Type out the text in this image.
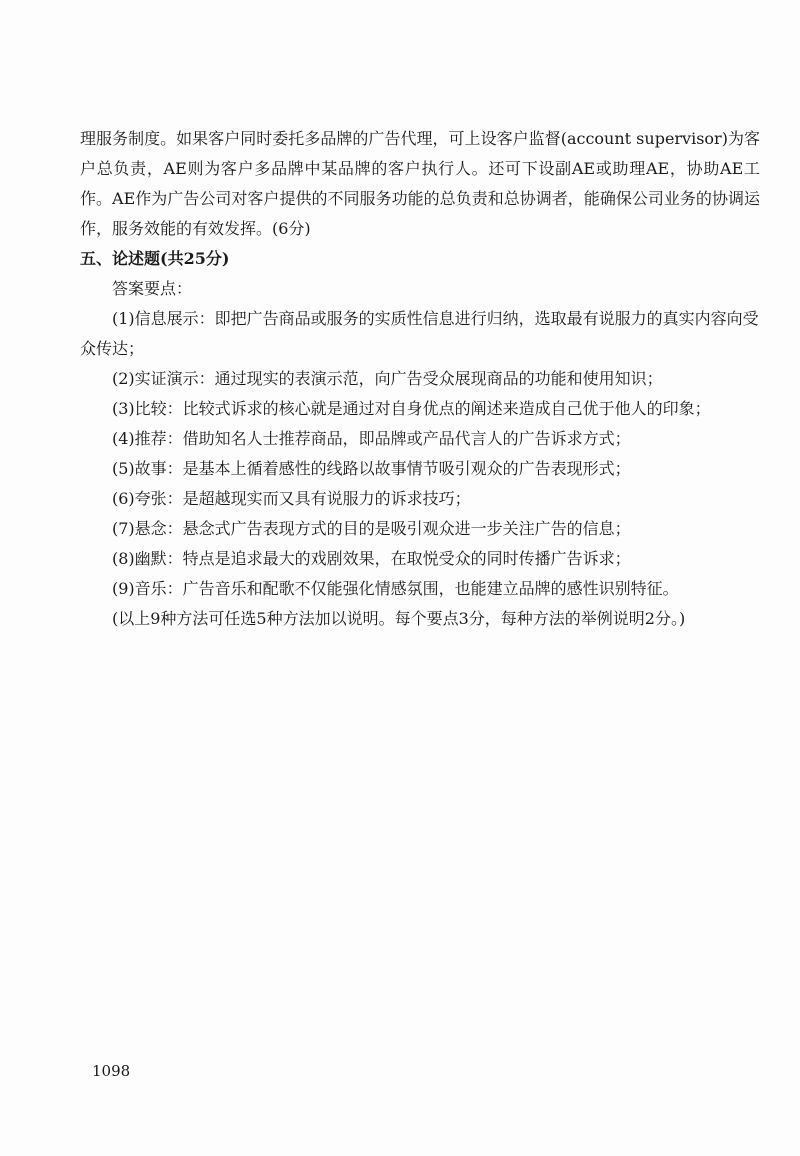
理服务制度。如果客户同时委托多品牌的广告代理，可上设客户监督(account supervisor)为客户总负责，AE则为客户多品牌中某品牌的客户执行人。还可下设副AE或助理AE，协助AE工作。AE作为广告公司对客户提供的不同服务功能的总负责和总协调者，能确保公司业务的协调运作，服务效能的有效发挥。(6分)

五、论述题(共25分)

答案要点：

(1)信息展示：即把广告商品或服务的实质性信息进行归纳，选取最有说服力的真实内容向受众传达；

(2)实证演示：通过现实的表演示范，向广告受众展现商品的功能和使用知识；

(3)比较：比较式诉求的核心就是通过对自身优点的阐述来造成自己优于他人的印象；

(4)推荐：借助知名人士推荐商品，即品牌或产品代言人的广告诉求方式；

(5)故事：是基本上循着感性的线路以故事情节吸引观众的广告表现形式；

(6)夸张：是超越现实而又具有说服力的诉求技巧；

(7)悬念：悬念式广告表现方式的目的是吸引观众进一步关注广告的信息；

(8)幽默：特点是追求最大的戏剧效果，在取悦受众的同时传播广告诉求；

(9)音乐：广告音乐和配歌不仅能强化情感氛围，也能建立品牌的感性识别特征。

(以上9种方法可任选5种方法加以说明。每个要点3分，每种方法的举例说明2分。)

1098
